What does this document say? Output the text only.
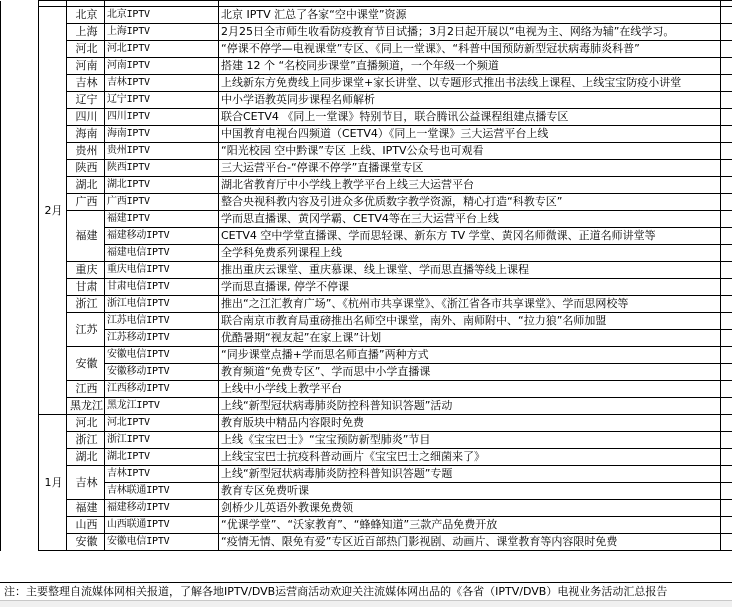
	2月	北京	北京IPTV	北京 IPTV 汇总了各家“空中课堂”资源	
		上海	上海IPTV	2月25日全市师生收看防疫教育节目试播；3月2日起开展以“电视为主、网络为辅”在线学习。	
		河北	河北IPTV	“停课不停学—电视课堂”专区、《同上一堂课》、“科普中国预防新型冠状病毒肺炎科普”	
		河南	河南IPTV	搭建 12 个 “名校同步课堂”直播频道，一个年级一个频道	
		吉林	吉林IPTV	上线新东方免费线上同步课堂+家长讲堂、以专题形式推出书法线上课程、上线宝宝防疫小讲堂	
		辽宁	辽宁IPTV	中小学语教英同步课程名师解析	
		四川	四川IPTV	联合CETV4 《同上一堂课》特别节目，联合腾讯公益课程组建点播专区	
		海南	海南IPTV	中国教育电视台四频道（CETV4）《同上一堂课》三大运营平台上线	
		贵州	贵州IPTV	“阳光校园 空中黔课”专区 上线、IPTV公众号也可观看	
		陕西	陕西IPTV	三大运营平台-“停课不停学”直播课堂专区	
		湖北	湖北IPTV	湖北省教育厅中小学线上教学平台上线三大运营平台	
		广西	广西IPTV	整合央视科教内容及引进众多优质数字教学资源，精心打造“科教专区”	
		福建	福建IPTV	学而思直播课、黄冈学霸、CETV4等在三大运营平台上线	
			福建移动IPTV	CETV4 空中学堂直播课、学而思轻课、新东方 TV 学堂、黄冈名师微课、正道名师讲堂等	
			福建电信IPTV	全学科免费系列课程上线	
		重庆	重庆电信IPTV	推出重庆云课堂、重庆慕课、线上课堂、学而思直播等线上课程	
		甘肃	甘肃电信IPTV	学而思直播课, 停学不停课	
		浙江	浙江电信IPTV	推出“之江汇教育广场”、《杭州市共享课堂》、《浙江省各市共享课堂》、学而思网校等	
		江苏	江苏电信IPTV	联合南京市教育局重磅推出名师空中课堂，南外、南师附中、“拉力狼”名师加盟	
			江苏移动IPTV	优酷暑期“视友起”在家上课”计划	
		安徽	安徽电信IPTV	“同步课堂点播+学而思名师直播”两种方式	
			安徽移动IPTV	教育频道“免费专区”、学而思中小学直播课	
		江西	江西移动IPTV	上线中小学线上教学平台	
		黑龙江	黑龙江IPTV	上线“新型冠状病毒肺炎防控科普知识答题”活动	
	1月	河北	河北IPTV	教育版块中精品内容限时免费	
		浙江	浙江IPTV	上线《宝宝巴士》“宝宝预防新型肺炎”节目	
		湖北	湖北IPTV	上线宝宝巴士抗疫科普动画片《宝宝巴士之细菌来了》	
		吉林	吉林IPTV	上线“新型冠状病毒肺炎防控科普知识答题”专题	
			吉林联通IPTV	教育专区免费听课	
		福建	福建移动IPTV	剑桥少儿英语外教课免费领	
		山西	山西联通IPTV	“优课学堂”、“沃家教育”、“蜂蜂知道”三款产品免费开放	
		安徽	安徽电信IPTV	“疫情无情、限免有爱”专区近百部热门影视剧、动画片、课堂教育等内容限时免费	
注：主要整理自流媒体网相关报道，了解各地IPTV/DVB运营商活动欢迎关注流媒体网出品的《各省（IPTV/DVB）电视业务活动汇总报告
